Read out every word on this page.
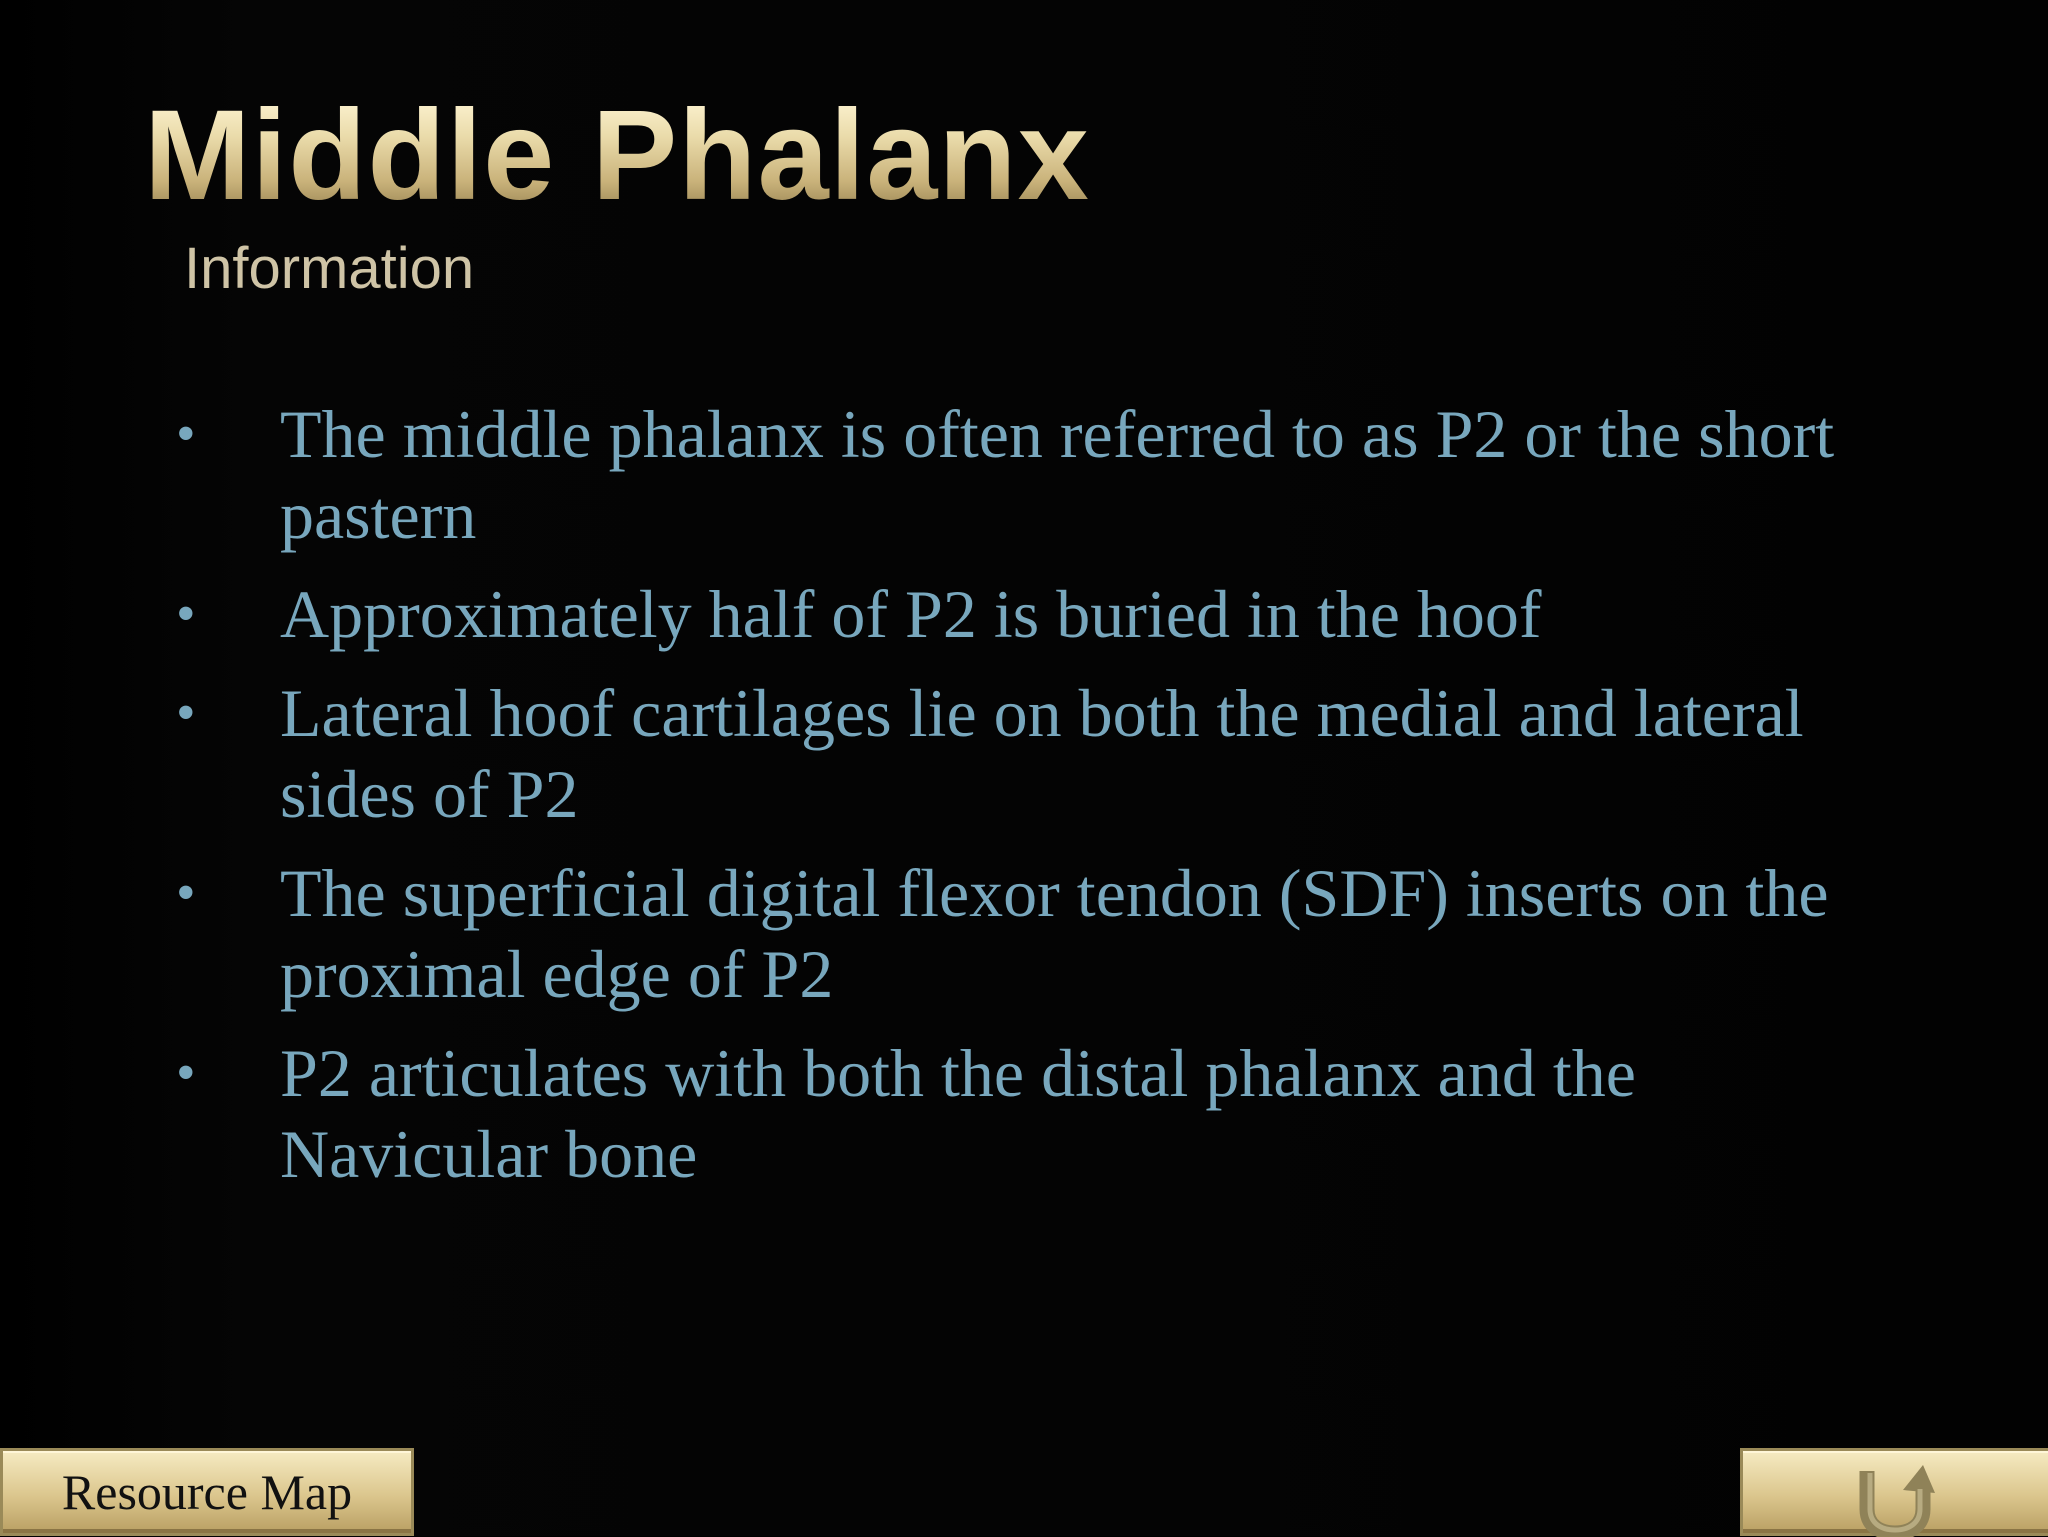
Middle Phalanx
Information
•	The middle phalanx is often referred to as P2 or the short pastern
•	Approximately half of P2 is buried in the hoof
•	Lateral hoof cartilages lie on both the medial and lateral sides of P2
•	The superficial digital flexor tendon (SDF) inserts on the proximal edge of P2
•	P2 articulates with both the distal phalanx and the Navicular bone
Resource Map
